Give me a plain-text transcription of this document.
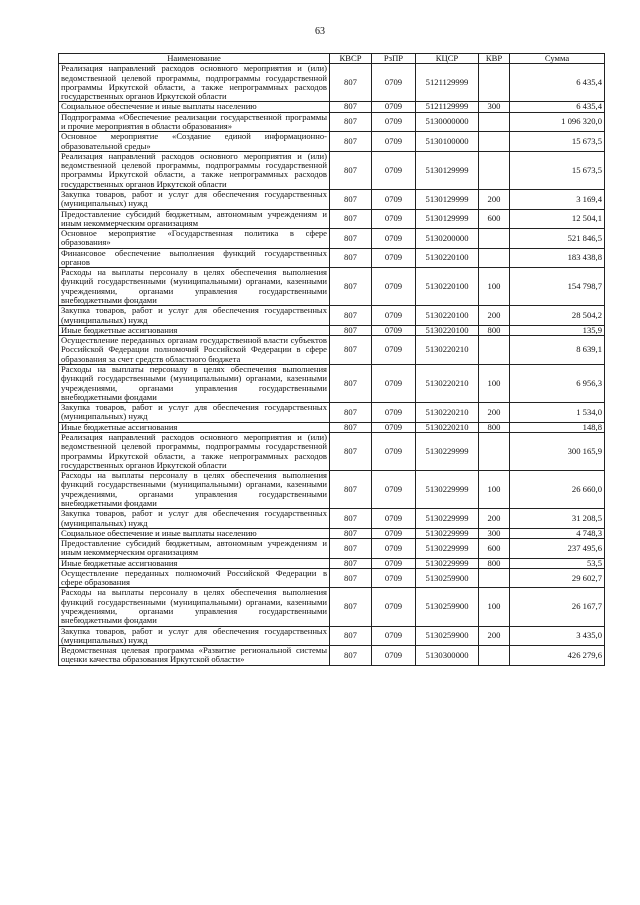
63
Наименование	КВСР	РзПР	КЦСР	КВР	Сумма
Реализация направлений расходов основного мероприятия и (или) ведомственной целевой программы, подпрограммы государственной программы Иркутской области, а также непрограммных расходов государственных органов Иркутской области	807	0709	5121129999		6 435,4
Социальное обеспечение и иные выплаты населению	807	0709	5121129999	300	6 435,4
Подпрограмма «Обеспечение реализации государственной программы и прочие мероприятия в области образования»	807	0709	5130000000		1 096 320,0
Основное мероприятие «Создание единой информационно-образовательной среды»	807	0709	5130100000		15 673,5
Реализация направлений расходов основного мероприятия и (или) ведомственной целевой программы, подпрограммы государственной программы Иркутской области, а также непрограммных расходов государственных органов Иркутской области	807	0709	5130129999		15 673,5
Закупка товаров, работ и услуг для обеспечения государственных (муниципальных) нужд	807	0709	5130129999	200	3 169,4
Предоставление субсидий бюджетным, автономным учреждениям и иным некоммерческим организациям	807	0709	5130129999	600	12 504,1
Основное мероприятие «Государственная политика в сфере образования»	807	0709	5130200000		521 846,5
Финансовое обеспечение выполнения функций государственных органов	807	0709	5130220100		183 438,8
Расходы на выплаты персоналу в целях обеспечения выполнения функций государственными (муниципальными) органами, казенными учреждениями, органами управления государственными внебюджетными фондами	807	0709	5130220100	100	154 798,7
Закупка товаров, работ и услуг для обеспечения государственных (муниципальных) нужд	807	0709	5130220100	200	28 504,2
Иные бюджетные ассигнования	807	0709	5130220100	800	135,9
Осуществление переданных органам государственной власти субъектов Российской Федерации полномочий Российской Федерации в сфере образования за счет средств областного бюджета	807	0709	5130220210		8 639,1
Расходы на выплаты персоналу в целях обеспечения выполнения функций государственными (муниципальными) органами, казенными учреждениями, органами управления государственными внебюджетными фондами	807	0709	5130220210	100	6 956,3
Закупка товаров, работ и услуг для обеспечения государственных (муниципальных) нужд	807	0709	5130220210	200	1 534,0
Иные бюджетные ассигнования	807	0709	5130220210	800	148,8
Реализация направлений расходов основного мероприятия и (или) ведомственной целевой программы, подпрограммы государственной программы Иркутской области, а также непрограммных расходов государственных органов Иркутской области	807	0709	5130229999		300 165,9
Расходы на выплаты персоналу в целях обеспечения выполнения функций государственными (муниципальными) органами, казенными учреждениями, органами управления государственными внебюджетными фондами	807	0709	5130229999	100	26 660,0
Закупка товаров, работ и услуг для обеспечения государственных (муниципальных) нужд	807	0709	5130229999	200	31 208,5
Социальное обеспечение и иные выплаты населению	807	0709	5130229999	300	4 748,3
Предоставление субсидий бюджетным, автономным учреждениям и иным некоммерческим организациям	807	0709	5130229999	600	237 495,6
Иные бюджетные ассигнования	807	0709	5130229999	800	53,5
Осуществление переданных полномочий Российской Федерации в сфере образования	807	0709	5130259900		29 602,7
Расходы на выплаты персоналу в целях обеспечения выполнения функций государственными (муниципальными) органами, казенными учреждениями, органами управления государственными внебюджетными фондами	807	0709	5130259900	100	26 167,7
Закупка товаров, работ и услуг для обеспечения государственных (муниципальных) нужд	807	0709	5130259900	200	3 435,0
Ведомственная целевая программа «Развитие региональной системы оценки качества образования Иркутской области»	807	0709	5130300000		426 279,6
